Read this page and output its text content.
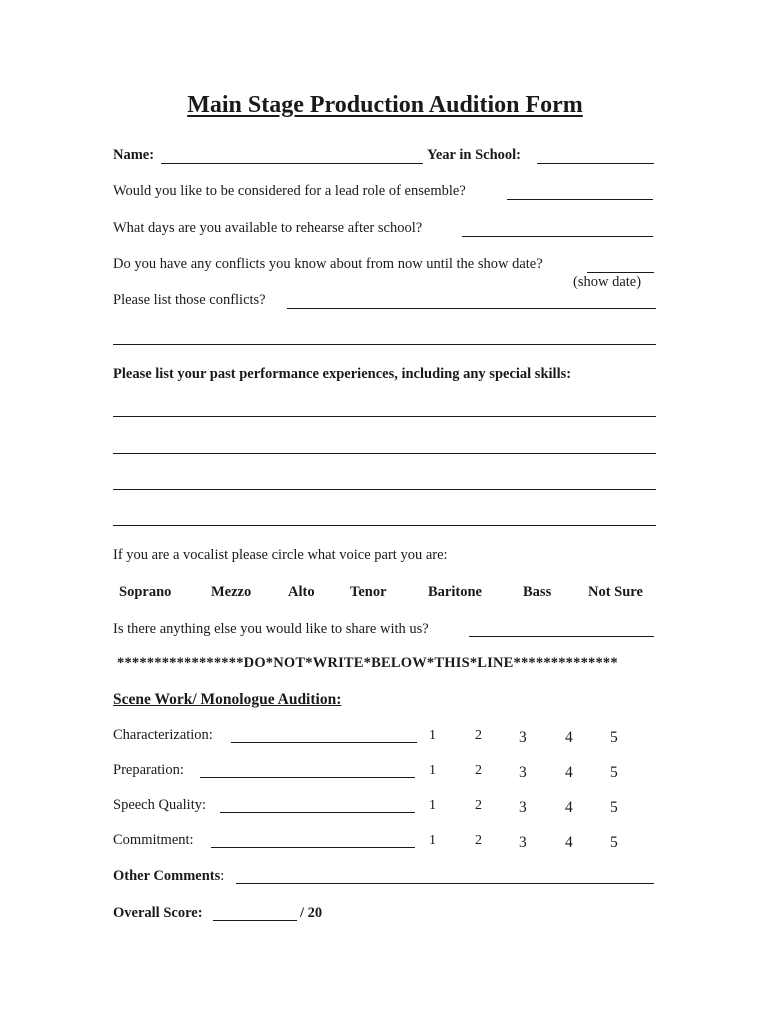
Main Stage Production Audition Form
Name:	Year in School:
Would you like to be considered for a lead role of ensemble?
What days are you available to rehearse after school?
Do you have any conflicts you know about from now until the show date?
(show date)
Please list those conflicts?
Please list your past performance experiences, including any special skills:
If you are a vocalist please circle what voice part you are:
Soprano	Mezzo	Alto Tenor	Baritone	Bass	Not Sure
Is there anything else you would like to share with us?
*****************DO*NOT*WRITE*BELOW*THIS*LINE**************
Scene Work/ Monologue Audition:
Characterization:	1	2 3 4 5
Preparation:	1	2 3 4 5
Speech Quality:	1	2 3 4 5
Commitment:	1	2 3 4 5
Other Comments:
Overall Score:	/ 20
